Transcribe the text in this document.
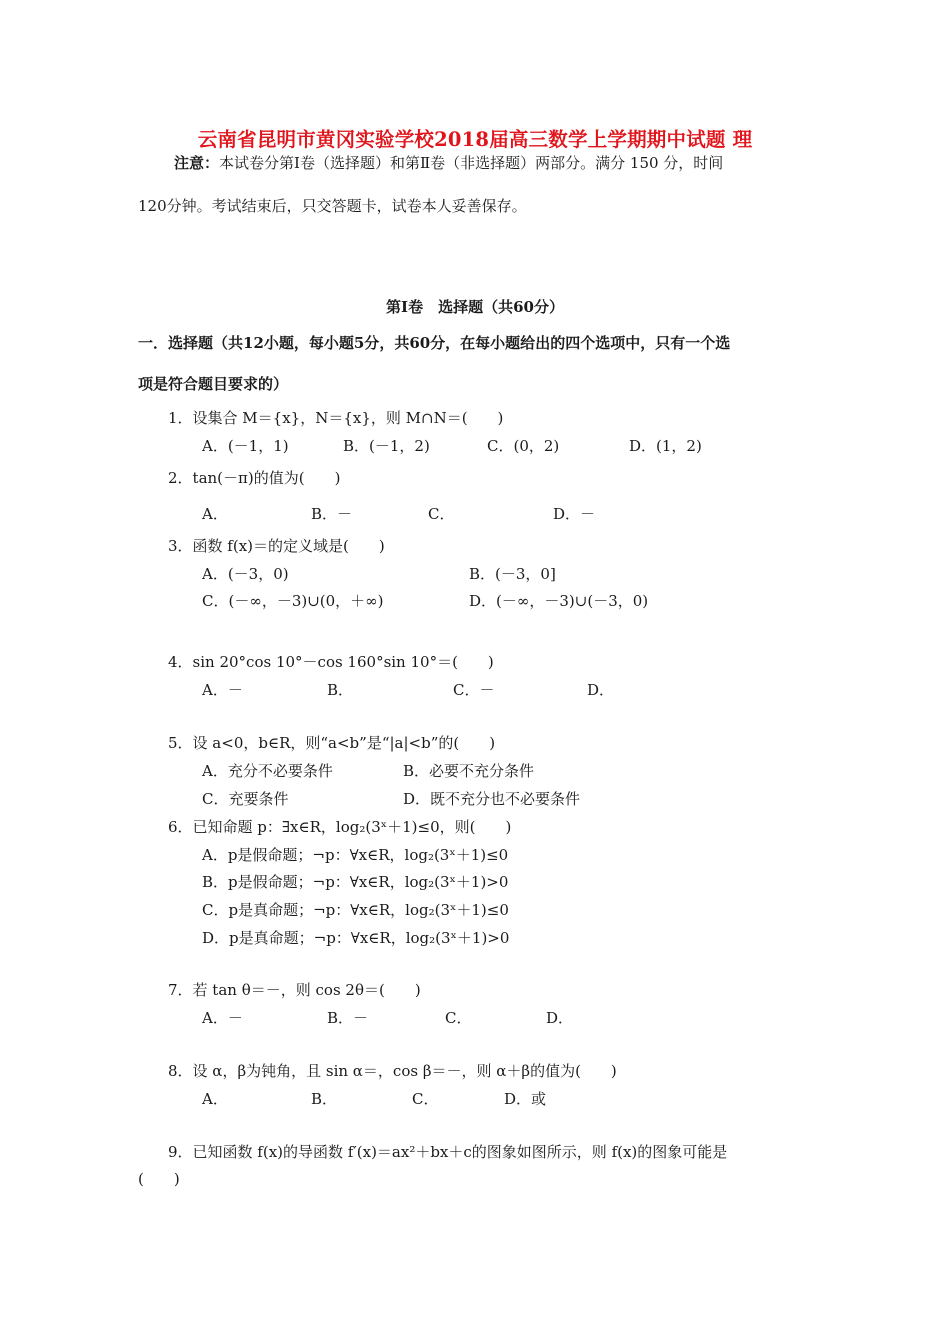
云南省昆明市黄冈实验学校2018届高三数学上学期期中试题 理
注意：本试卷分第Ⅰ卷（选择题）和第Ⅱ卷（非选择题）两部分。满分 150 分，时间
120分钟。考试结束后，只交答题卡，试卷本人妥善保存。
第Ⅰ卷　选择题（共60分）
一．选择题（共12小题，每小题5分，共60分，在每小题给出的四个选项中，只有一个选
项是符合题目要求的）
1．设集合 M＝{x}，N＝{x}，则 M∩N＝(　　)
A．(－1，1)	B．(－1，2)	C．(0，2)	D．(1，2)
2．tan(－π)的值为(　　)
A．	B．－	C．	D．－
3．函数 f(x)＝的定义域是(　　)
A．(－3，0)	B．(－3，0]
C．(－∞，－3)∪(0，＋∞)	D．(－∞，－3)∪(－3，0)
4．sin 20°cos 10°－cos 160°sin 10°＝(　　)
A．－	B．	C．－	D．
5．设 a<0，b∈R，则“a<b”是“|a|<b”的(　　)
A．充分不必要条件	B．必要不充分条件
C．充要条件	D．既不充分也不必要条件
6．已知命题 p：∃x∈R，log₂(3ˣ＋1)≤0，则(　　)
A．p是假命题；¬p：∀x∈R，log₂(3ˣ＋1)≤0
B．p是假命题；¬p：∀x∈R，log₂(3ˣ＋1)>0
C．p是真命题；¬p：∀x∈R，log₂(3ˣ＋1)≤0
D．p是真命题；¬p：∀x∈R，log₂(3ˣ＋1)>0
7．若 tan θ＝－，则 cos 2θ＝(　　)
A．－	B．－	C．	D．
8．设 α，β为钝角，且 sin α＝，cos β＝－，则 α＋β的值为(　　)
A．	B．	C．	D．或
9．已知函数 f(x)的导函数 f′(x)＝ax²＋bx＋c的图象如图所示，则 f(x)的图象可能是
(　　)
